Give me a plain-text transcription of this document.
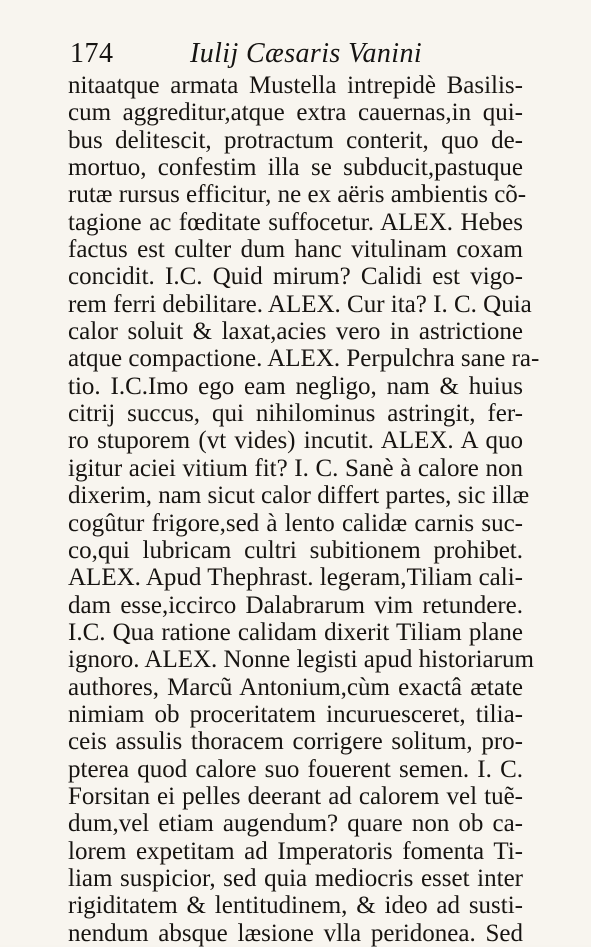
174	Iulij Cæsaris Vanini
nitaatque armata Mustella intrepidè Basilis-
cum aggreditur,atque extra cauernas,in qui-
bus delitescit, protractum conterit, quo de-
mortuo, confestim illa se subducit,pastuque
rutæ rursus efficitur, ne ex aëris ambientis cõ-
tagione ac fœditate suffocetur. ALEX. Hebes
factus est culter dum hanc vitulinam coxam
concidit. I.C. Quid mirum? Calidi est vigo-
rem ferri debilitare. ALEX. Cur ita? I. C. Quia
calor soluit & laxat,acies vero in astrictione
atque compactione. ALEX. Perpulchra sane ra-
tio. I.C.Imo ego eam negligo, nam & huius
citrij succus, qui nihilominus astringit, fer-
ro stuporem (vt vides) incutit. ALEX. A quo
igitur aciei vitium fit? I. C. Sanè à calore non
dixerim, nam sicut calor differt partes, sic illæ
cogûtur frigore,sed à lento calidæ carnis suc-
co,qui lubricam cultri subitionem prohibet.
ALEX. Apud Thephrast. legeram,Tiliam cali-
dam esse,iccirco Dalabrarum vim retundere.
I.C. Qua ratione calidam dixerit Tiliam plane
ignoro. ALEX. Nonne legisti apud historiarum
authores, Marcũ Antonium,cùm exactâ ætate
nimiam ob proceritatem incuruesceret, tilia-
ceis assulis thoracem corrigere solitum, pro-
pterea quod calore suo fouerent semen. I. C.
Forsitan ei pelles deerant ad calorem vel tuẽ-
dum,vel etiam augendum? quare non ob ca-
lorem expetitam ad Imperatoris fomenta Ti-
liam suspicior, sed quia mediocris esset inter
rigiditatem & lentitudinem, & ideo ad susti-
nendum absque læsione vlla peridonea. Sed
